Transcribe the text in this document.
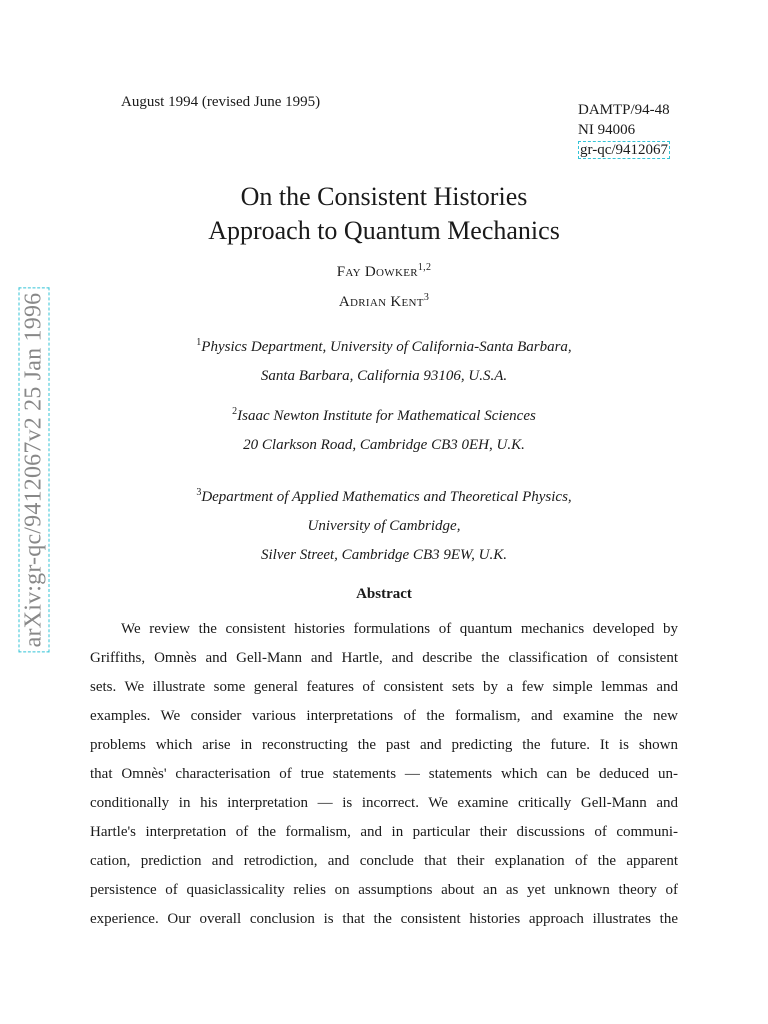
arXiv:gr-qc/9412067v2 25 Jan 1996
August 1994 (revised June 1995)	DAMTP/94-48
NI 94006
gr-qc/9412067
On the Consistent Histories
Approach to Quantum Mechanics
Fay Dowker$^{1,2}$
Adrian Kent$^3$
$^1$Physics Department, University of California-Santa Barbara,
Santa Barbara, California 93106, U.S.A.
$^2$Isaac Newton Institute for Mathematical Sciences
20 Clarkson Road, Cambridge CB3 0EH, U.K.
$^3$Department of Applied Mathematics and Theoretical Physics,
University of Cambridge,
Silver Street, Cambridge CB3 9EW, U.K.
Abstract
We review the consistent histories formulations of quantum mechanics developed by
Griffiths, Omnès and Gell-Mann and Hartle, and describe the classification of consistent
sets. We illustrate some general features of consistent sets by a few simple lemmas and
examples. We consider various interpretations of the formalism, and examine the new
problems which arise in reconstructing the past and predicting the future. It is shown
that Omnès' characterisation of true statements — statements which can be deduced un-
conditionally in his interpretation — is incorrect. We examine critically Gell-Mann and
Hartle's interpretation of the formalism, and in particular their discussions of communi-
cation, prediction and retrodiction, and conclude that their explanation of the apparent
persistence of quasiclassicality relies on assumptions about an as yet unknown theory of
experience. Our overall conclusion is that the consistent histories approach illustrates the
